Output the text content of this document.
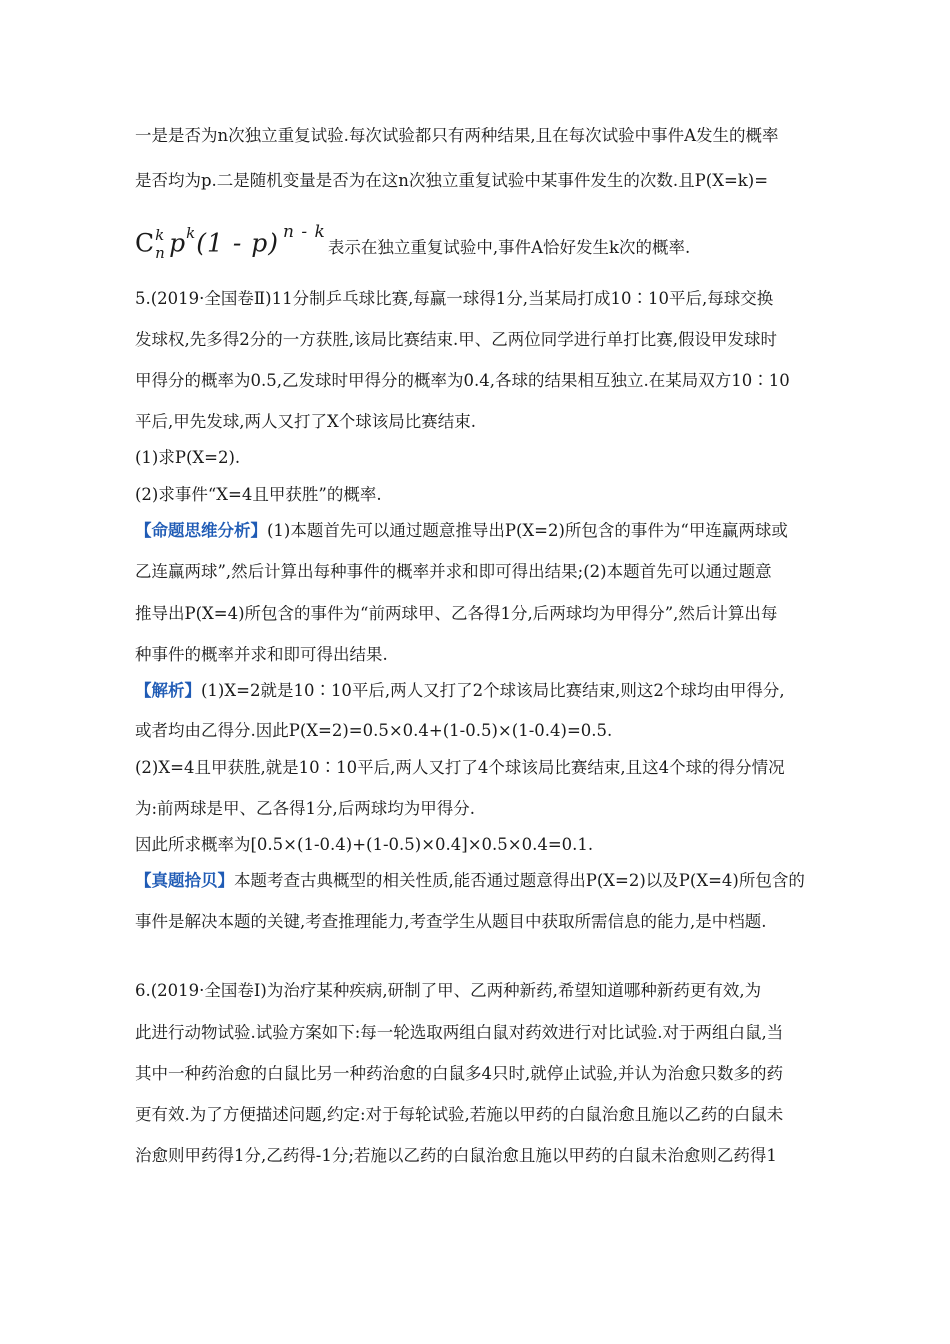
一是是否为n次独立重复试验.每次试验都只有两种结果,且在每次试验中事件A发生的概率
是否均为p.二是随机变量是否为在这n次独立重复试验中某事件发生的次数.且P(X=k)=
C k
n $p^k(1 - p)$ n - k
表示在独立重复试验中,事件A恰好发生k次的概率.
5.(2019·全国卷Ⅱ)11分制乒乓球比赛,每赢一球得1分,当某局打成10∶10平后,每球交换
发球权,先多得2分的一方获胜,该局比赛结束.甲、乙两位同学进行单打比赛,假设甲发球时
甲得分的概率为0.5,乙发球时甲得分的概率为0.4,各球的结果相互独立.在某局双方10∶10
平后,甲先发球,两人又打了X个球该局比赛结束.
(1)求P(X=2).
(2)求事件“X=4且甲获胜”的概率.
【命题思维分析】(1)本题首先可以通过题意推导出P(X=2)所包含的事件为“甲连赢两球或
乙连赢两球”,然后计算出每种事件的概率并求和即可得出结果;(2)本题首先可以通过题意
推导出P(X=4)所包含的事件为“前两球甲、乙各得1分,后两球均为甲得分”,然后计算出每
种事件的概率并求和即可得出结果.
【解析】(1)X=2就是10∶10平后,两人又打了2个球该局比赛结束,则这2个球均由甲得分,
或者均由乙得分.因此P(X=2)=0.5×0.4+(1-0.5)×(1-0.4)=0.5.
(2)X=4且甲获胜,就是10∶10平后,两人又打了4个球该局比赛结束,且这4个球的得分情况
为:前两球是甲、乙各得1分,后两球均为甲得分.
因此所求概率为[0.5×(1-0.4)+(1-0.5)×0.4]×0.5×0.4=0.1.
【真题拾贝】本题考查古典概型的相关性质,能否通过题意得出P(X=2)以及P(X=4)所包含的
事件是解决本题的关键,考查推理能力,考查学生从题目中获取所需信息的能力,是中档题.
6.(2019·全国卷Ⅰ)为治疗某种疾病,研制了甲、乙两种新药,希望知道哪种新药更有效,为
此进行动物试验.试验方案如下:每一轮选取两组白鼠对药效进行对比试验.对于两组白鼠,当
其中一种药治愈的白鼠比另一种药治愈的白鼠多4只时,就停止试验,并认为治愈只数多的药
更有效.为了方便描述问题,约定:对于每轮试验,若施以甲药的白鼠治愈且施以乙药的白鼠未
治愈则甲药得1分,乙药得-1分;若施以乙药的白鼠治愈且施以甲药的白鼠未治愈则乙药得1
